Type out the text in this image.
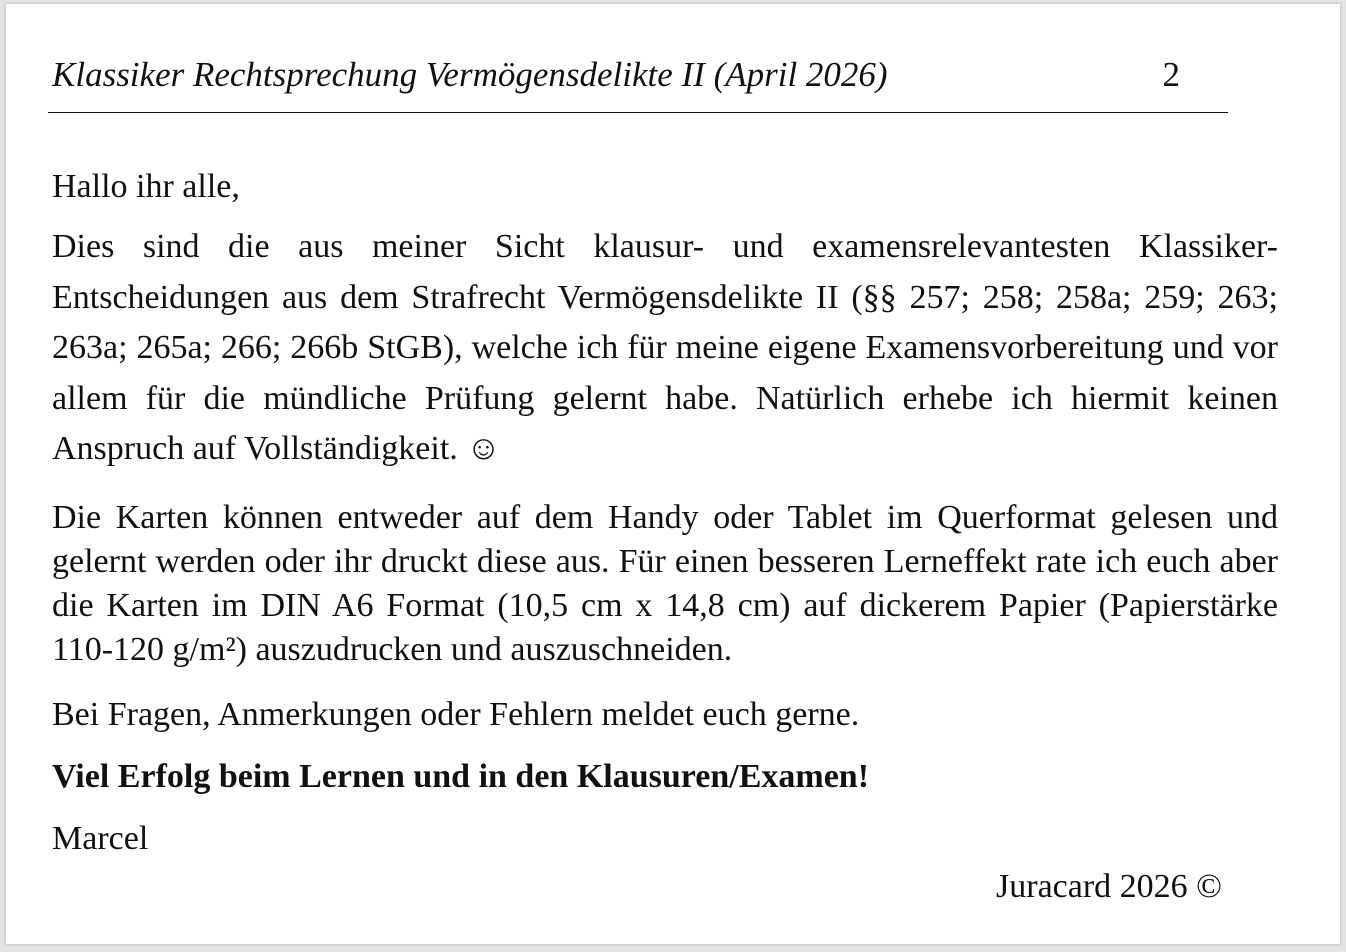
Klassiker Rechtsprechung Vermögensdelikte II (April 2026)	2

Hallo ihr alle,

Dies sind die aus meiner Sicht klausur- und examensrelevantesten Klassiker-Entscheidungen aus dem Strafrecht Vermögensdelikte II (§§ 257; 258; 258a; 259; 263; 263a; 265a; 266; 266b StGB), welche ich für meine eigene Examensvorbereitung und vor allem für die mündliche Prüfung gelernt habe. Natürlich erhebe ich hiermit keinen Anspruch auf Vollständigkeit. ☺

Die Karten können entweder auf dem Handy oder Tablet im Querformat gelesen und gelernt werden oder ihr druckt diese aus. Für einen besseren Lerneffekt rate ich euch aber die Karten im DIN A6 Format (10,5 cm x 14,8 cm) auf dickerem Papier (Papierstärke 110-120 g/m²) auszudrucken und auszuschneiden.

Bei Fragen, Anmerkungen oder Fehlern meldet euch gerne.

Viel Erfolg beim Lernen und in den Klausuren/Examen!

Marcel

Juracard 2026 ©
